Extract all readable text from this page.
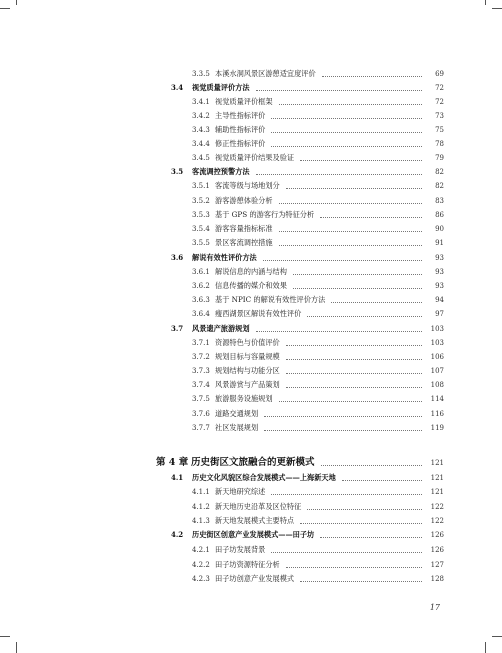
3.3.5 本溪水洞风景区游憩适宜度评价	69
3.4	视觉质量评价方法	72
3.4.1 视觉质量评价框架	72
3.4.2 主导性指标评价	73
3.4.3 辅助性指标评价	75
3.4.4 修正性指标评价	78
3.4.5 视觉质量评价结果及验证	79
3.5	客流调控预警方法	82
3.5.1 客流等级与场地划分	82
3.5.2 游客游憩体验分析	83
3.5.3 基于 GPS 的游客行为特征分析	86
3.5.4 游客容量指标标准	90
3.5.5 景区客流调控措施	91
3.6	解说有效性评价方法	93
3.6.1 解说信息的内涵与结构	93
3.6.2 信息传播的媒介和效果	93
3.6.3 基于 NPIC 的解说有效性评价方法	94
3.6.4 瘦西湖景区解说有效性评价	97
3.7	风景遗产旅游规划	103
3.7.1 资源特色与价值评价	103
3.7.2 规划目标与容量规模	106
3.7.3 规划结构与功能分区	107
3.7.4 风景游赏与产品策划	108
3.7.5 旅游服务设施规划	114
3.7.6 道路交通规划	116
3.7.7 社区发展规划	119
第 4 章 历史街区文旅融合的更新模式	121
4.1	历史文化风貌区综合发展模式——上海新天地	121
4.1.1 新天地研究综述	121
4.1.2 新天地历史沿革及区位特征	122
4.1.3 新天地发展模式主要特点	122
4.2	历史街区创意产业发展模式——田子坊	126
4.2.1 田子坊发展背景	126
4.2.2 田子坊资源特征分析	127
4.2.3 田子坊创意产业发展模式	128
17
